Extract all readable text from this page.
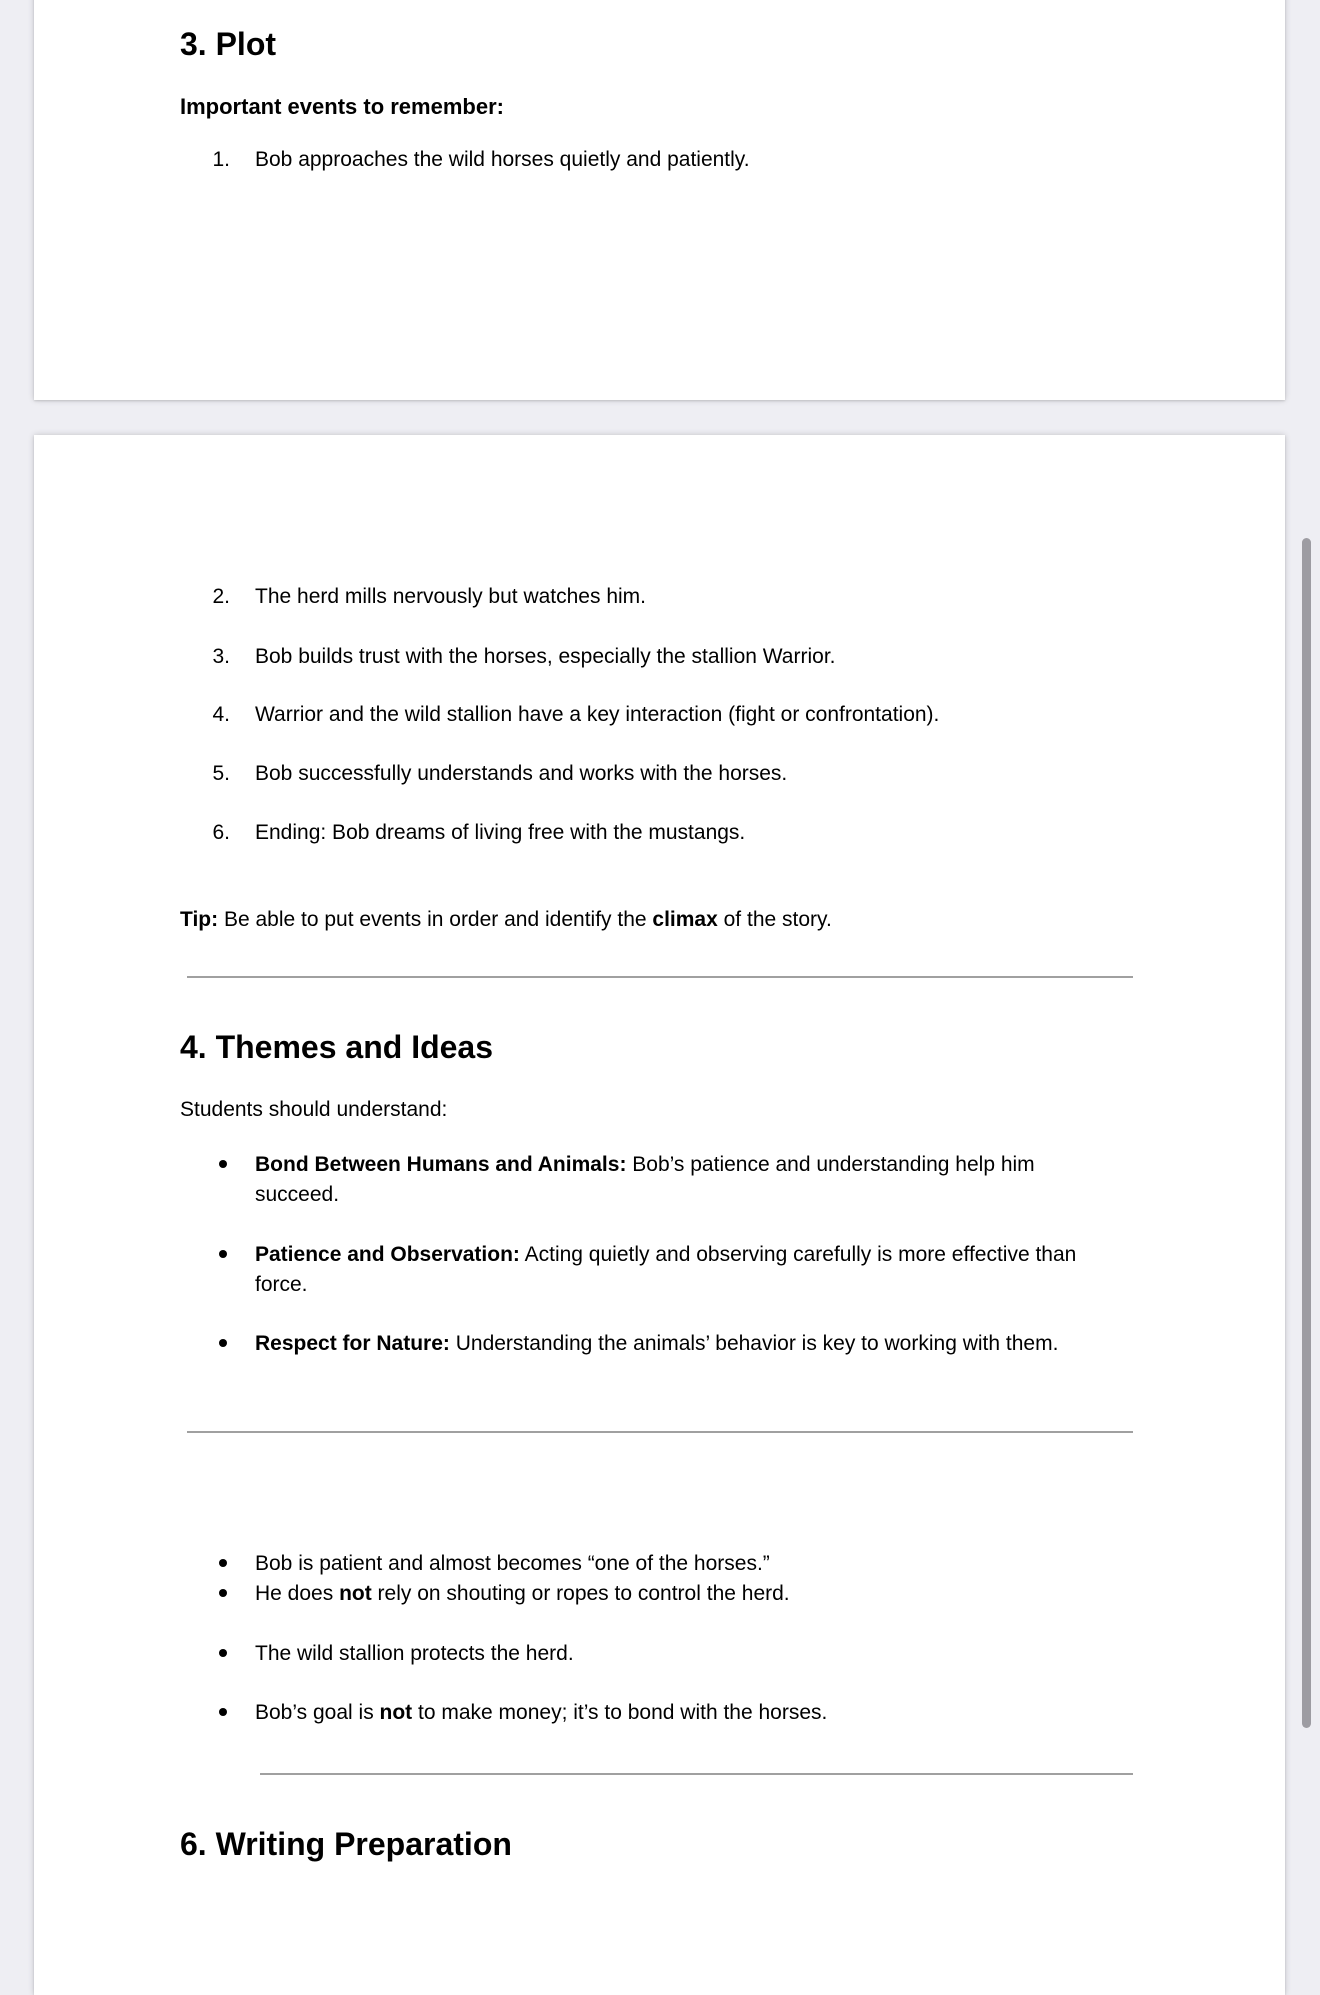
3. Plot
Important events to remember:
1. Bob approaches the wild horses quietly and patiently.
2. The herd mills nervously but watches him.
3. Bob builds trust with the horses, especially the stallion Warrior.
4. Warrior and the wild stallion have a key interaction (fight or confrontation).
5. Bob successfully understands and works with the horses.
6. Ending: Bob dreams of living free with the mustangs.
Tip: Be able to put events in order and identify the climax of the story.
4. Themes and Ideas
Students should understand:
Bond Between Humans and Animals: Bob’s patience and understanding help him
succeed.
Patience and Observation: Acting quietly and observing carefully is more effective than
force.
Respect for Nature: Understanding the animals’ behavior is key to working with them.
Bob is patient and almost becomes “one of the horses.”
He does not rely on shouting or ropes to control the herd.
The wild stallion protects the herd.
Bob’s goal is not to make money; it’s to bond with the horses.
6. Writing Preparation
